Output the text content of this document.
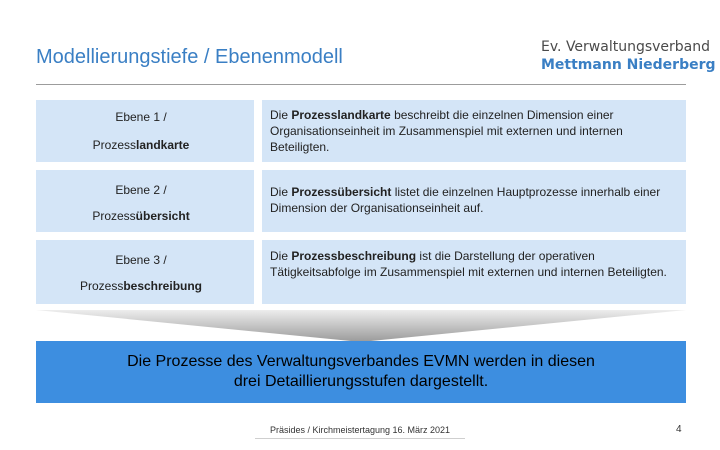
Modellierungstiefe / Ebenenmodell	Ev. Verwaltungsverband
Mettmann Niederberg
Ebene 1 /
Prozesslandkarte
Die Prozesslandkarte beschreibt die einzelnen Dimension einer Organisationseinheit im Zusammenspiel mit externen und internen Beteiligten.
Ebene 2 /
Prozessübersicht
Die Prozessübersicht listet die einzelnen Hauptprozesse innerhalb einer Dimension der Organisationseinheit auf.
Ebene 3 /
Prozessbeschreibung
Die Prozessbeschreibung ist die Darstellung der operativen Tätigkeitsabfolge im Zusammenspiel mit externen und internen Beteiligten.
Die Prozesse des Verwaltungsverbandes EVMN werden in diesen
drei Detaillierungsstufen dargestellt.
Präsides / Kirchmeistertagung 16. März 2021	4
